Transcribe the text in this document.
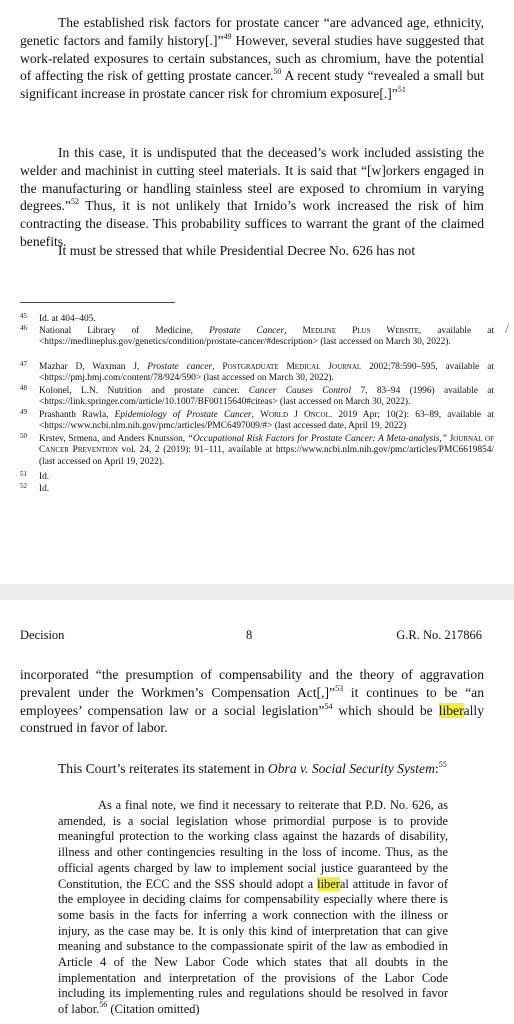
The established risk factors for prostate cancer “are advanced age, ethnicity, genetic factors and family history[.]”$^{49}$ However, several studies have suggested that work-related exposures to certain substances, such as chromium, have the potential of affecting the risk of getting prostate cancer.$^{50}$ A recent study “revealed a small but significant increase in prostate cancer risk for chromium exposure[.]”$^{51}$

In this case, it is undisputed that the deceased’s work included assisting the welder and machinist in cutting steel materials. It is said that “[w]orkers engaged in the manufacturing or handling stainless steel are exposed to chromium in varying degrees.”$^{52}$ Thus, it is not unlikely that Irnido’s work increased the risk of him contracting the disease. This probability suffices to warrant the grant of the claimed benefits.

It must be stressed that while Presidential Decree No. 626 has not

45 Id. at 404–405.
46 National Library of Medicine, Prostate Cancer, Medline Plus Website, available at <https://medlineplus.gov/genetics/condition/prostate-cancer/#description> (last accessed on March 30, 2022).
47 Mazhar D, Waxman J, Prostate cancer, Postgraduate Medical Journal 2002;78:590–595, available at <https://pmj.bmj.com/content/78/924/590> (last accessed on March 30, 2022).
48 Kolonel, L.N. Nutrition and prostate cancer. Cancer Causes Control 7, 83–94 (1996) available at <https://link.springer.com/article/10.1007/BF00115640#citeas> (last accessed on March 30, 2022).
49 Prashanth Rawla, Epidemiology of Prostate Cancer, World J Oncol. 2019 Apr; 10(2): 63–89, available at <https://www.ncbi.nlm.nih.gov/pmc/articles/PMC6497009/#> (last accessed date, April 19, 2022)
50 Krstev, Srmena, and Anders Knutsson, “Occupational Risk Factors for Prostate Cancer: A Meta-analysis,” Journal of Cancer Prevention vol. 24, 2 (2019): 91–111, available at https://www.ncbi.nlm.nih.gov/pmc/articles/PMC6619854/ (last accessed on April 19, 2022).
51 Id.
52 Id.
/
Decision	8	G.R. No. 217866

incorporated “the presumption of compensability and the theory of aggravation prevalent under the Workmen’s Compensation Act[,]”$^{53}$ it continues to be “an employees’ compensation law or a social legislation”$^{54}$ which should be liberally construed in favor of labor.

This Court’s reiterates its statement in Obra v. Social Security System:$^{55}$

As a final note, we find it necessary to reiterate that P.D. No. 626, as amended, is a social legislation whose primordial purpose is to provide meaningful protection to the working class against the hazards of disability, illness and other contingencies resulting in the loss of income. Thus, as the official agents charged by law to implement social justice guaranteed by the Constitution, the ECC and the SSS should adopt a liberal attitude in favor of the employee in deciding claims for compensability especially where there is some basis in the facts for inferring a work connection with the illness or injury, as the case may be. It is only this kind of interpretation that can give meaning and substance to the compassionate spirit of the law as embodied in Article 4 of the New Labor Code which states that all doubts in the implementation and interpretation of the provisions of the Labor Code including its implementing rules and regulations should be resolved in favor of labor.$^{56}$ (Citation omitted)
